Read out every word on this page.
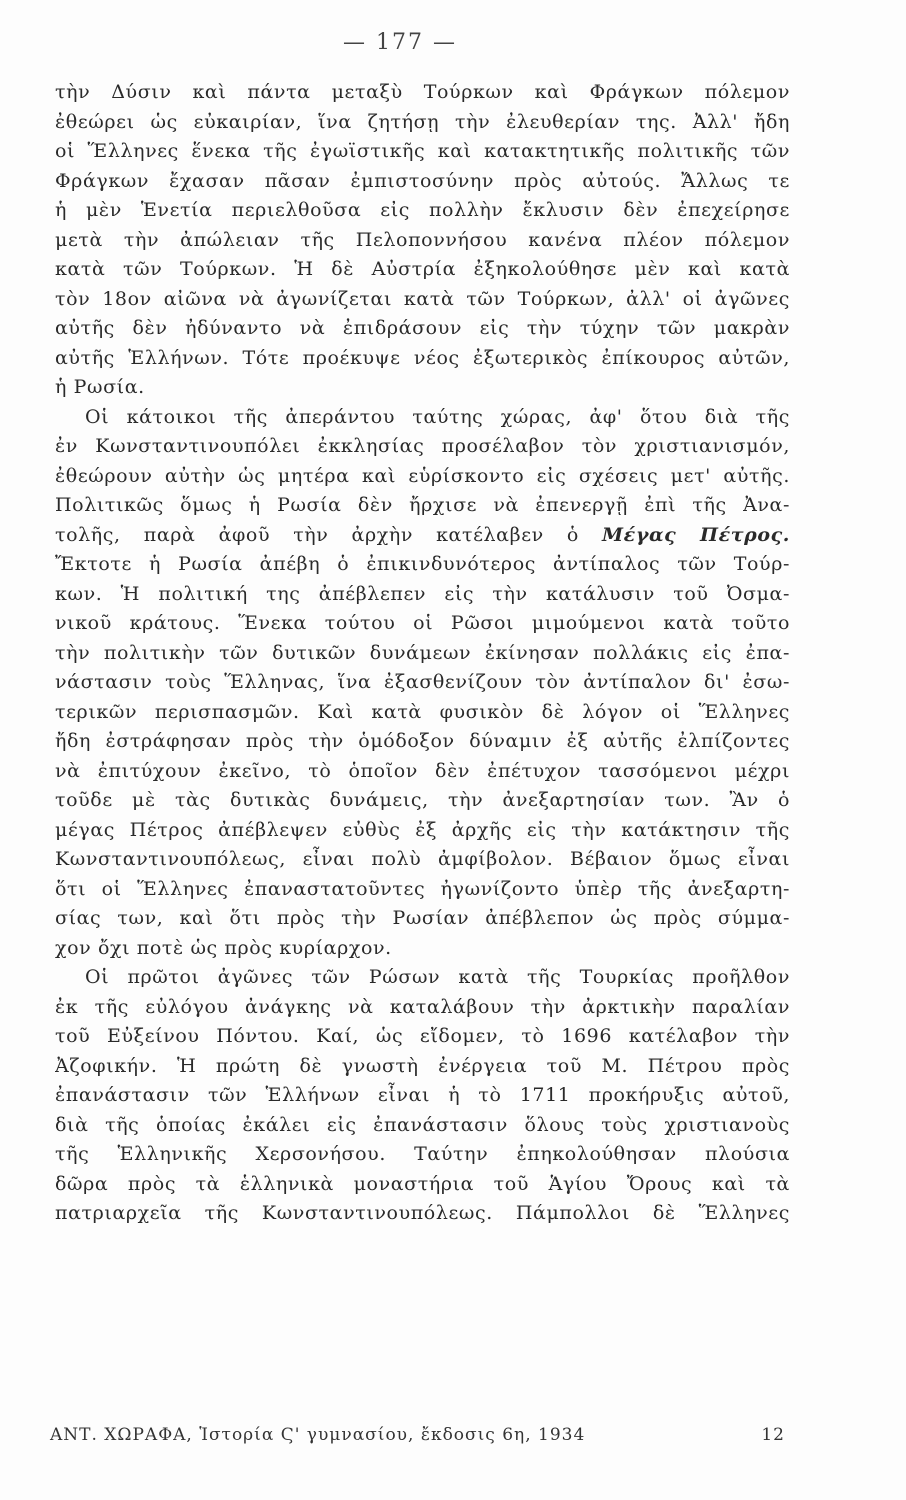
— 177 —
τὴν Δύσιν καὶ πάντα μεταξὺ Τούρκων καὶ Φράγκων πόλεμον
ἐθεώρει ὡς εὐκαιρίαν, ἵνα ζητήσῃ τὴν ἐλευθερίαν της. Ἀλλ' ἤδη
οἱ Ἕλληνες ἕνεκα τῆς ἐγωϊστικῆς καὶ κατακτητικῆς πολιτικῆς τῶν
Φράγκων ἔχασαν πᾶσαν ἐμπιστοσύνην πρὸς αὐτούς. Ἄλλως τε
ἡ μὲν Ἑνετία περιελθοῦσα εἰς πολλὴν ἔκλυσιν δὲν ἐπεχείρησε
μετὰ τὴν ἀπώλειαν τῆς Πελοποννήσου κανένα πλέον πόλεμον
κατὰ τῶν Τούρκων. Ἡ δὲ Αὐστρία ἐξηκολούθησε μὲν καὶ κατὰ
τὸν 18ον αἰῶνα νὰ ἀγωνίζεται κατὰ τῶν Τούρκων, ἀλλ' οἱ ἀγῶνες
αὐτῆς δὲν ἠδύναντο νὰ ἐπιδράσουν εἰς τὴν τύχην τῶν μακρὰν
αὐτῆς Ἑλλήνων. Τότε προέκυψε νέος ἐξωτερικὸς ἐπίκουρος αὐτῶν,
ἡ Ρωσία.
Οἱ κάτοικοι τῆς ἀπεράντου ταύτης χώρας, ἀφ' ὅτου διὰ τῆς
ἐν Κωνσταντινουπόλει ἐκκλησίας προσέλαβον τὸν χριστιανισμόν,
ἐθεώρουν αὐτὴν ὡς μητέρα καὶ εὑρίσκοντο εἰς σχέσεις μετ' αὐτῆς.
Πολιτικῶς ὅμως ἡ Ρωσία δὲν ἤρχισε νὰ ἐπενεργῇ ἐπὶ τῆς Ἀνα-
τολῆς, παρὰ ἀφοῦ τὴν ἀρχὴν κατέλαβεν ὁ Μέγας Πέτρος.
Ἔκτοτε ἡ Ρωσία ἀπέβη ὁ ἐπικινδυνότερος ἀντίπαλος τῶν Τούρ-
κων. Ἡ πολιτική της ἀπέβλεπεν εἰς τὴν κατάλυσιν τοῦ Ὀσμα-
νικοῦ κράτους. Ἕνεκα τούτου οἱ Ρῶσοι μιμούμενοι κατὰ τοῦτο
τὴν πολιτικὴν τῶν δυτικῶν δυνάμεων ἐκίνησαν πολλάκις εἰς ἐπα-
νάστασιν τοὺς Ἕλληνας, ἵνα ἐξασθενίζουν τὸν ἀντίπαλον δι' ἐσω-
τερικῶν περισπασμῶν. Καὶ κατὰ φυσικὸν δὲ λόγον οἱ Ἕλληνες
ἤδη ἐστράφησαν πρὸς τὴν ὁμόδοξον δύναμιν ἐξ αὐτῆς ἐλπίζοντες
νὰ ἐπιτύχουν ἐκεῖνο, τὸ ὁποῖον δὲν ἐπέτυχον τασσόμενοι μέχρι
τοῦδε μὲ τὰς δυτικὰς δυνάμεις, τὴν ἀνεξαρτησίαν των. Ἂν ὁ
μέγας Πέτρος ἀπέβλεψεν εὐθὺς ἐξ ἀρχῆς εἰς τὴν κατάκτησιν τῆς
Κωνσταντινουπόλεως, εἶναι πολὺ ἀμφίβολον. Βέβαιον ὅμως εἶναι
ὅτι οἱ Ἕλληνες ἐπαναστατοῦντες ἠγωνίζοντο ὑπὲρ τῆς ἀνεξαρτη-
σίας των, καὶ ὅτι πρὸς τὴν Ρωσίαν ἀπέβλεπον ὡς πρὸς σύμμα-
χον ὄχι ποτὲ ὡς πρὸς κυρίαρχον.
Οἱ πρῶτοι ἀγῶνες τῶν Ρώσων κατὰ τῆς Τουρκίας προῆλθον
ἐκ τῆς εὐλόγου ἀνάγκης νὰ καταλάβουν τὴν ἀρκτικὴν παραλίαν
τοῦ Εὐξείνου Πόντου. Καί, ὡς εἴδομεν, τὸ 1696 κατέλαβον τὴν
Ἀζοφικήν. Ἡ πρώτη δὲ γνωστὴ ἐνέργεια τοῦ Μ. Πέτρου πρὸς
ἐπανάστασιν τῶν Ἑλλήνων εἶναι ἡ τὸ 1711 προκήρυξις αὐτοῦ,
διὰ τῆς ὁποίας ἐκάλει εἰς ἐπανάστασιν ὅλους τοὺς χριστιανοὺς
τῆς Ἑλληνικῆς Χερσονήσου. Ταύτην ἐπηκολούθησαν πλούσια
δῶρα πρὸς τὰ ἑλληνικὰ μοναστήρια τοῦ Ἁγίου Ὄρους καὶ τὰ
πατριαρχεῖα τῆς Κωνσταντινουπόλεως. Πάμπολλοι δὲ Ἕλληνες
ΑΝΤ. ΧΩΡΑΦΑ, Ἱστορία Ϛ' γυμνασίου, ἔκδοσις 6η, 1934	12
